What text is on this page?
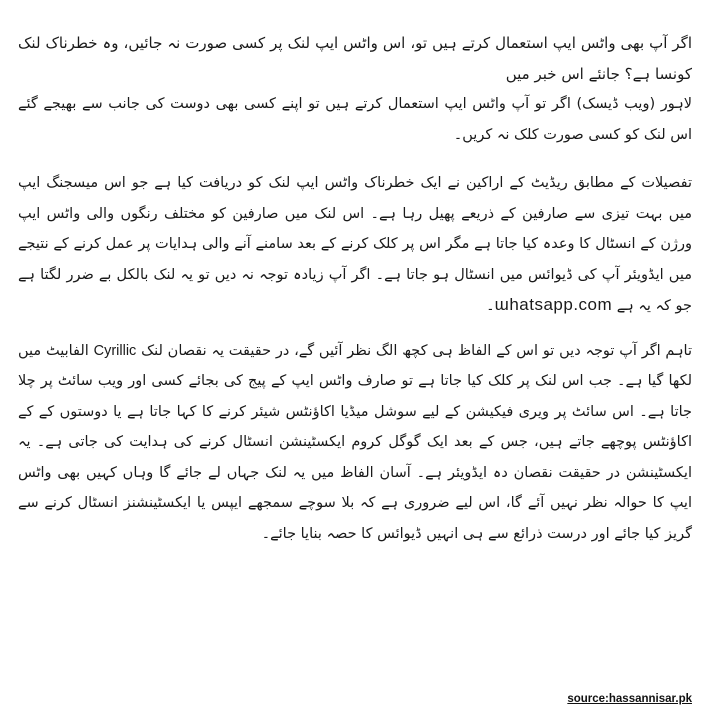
اگر آپ بھی واٹس ایپ استعمال کرتے ہیں تو، اس واٹس ایپ لنک پر کسی صورت نہ جائیں، وہ خطرناک لنک کونسا ہے؟ جانئے اس خبر میں

لاہور (ویب ڈیسک) اگر تو آپ واٹس ایپ استعمال کرتے ہیں تو اپنے کسی بھی دوست کی جانب سے بھیجے گئے اس لنک کو کسی صورت کلک نہ کریں۔

تفصیلات کے مطابق ریڈیٹ کے اراکین نے ایک خطرناک واٹس ایپ لنک کو دریافت کیا ہے جو اس میسجنگ ایپ میں بہت تیزی سے صارفین کے ذریعے پھیل رہا ہے۔ اس لنک میں صارفین کو مختلف رنگوں والی واٹس ایپ ورژن کے انسٹال کا وعدہ کیا جاتا ہے مگر اس پر کلک کرنے کے بعد سامنے آنے والی ہدایات پر عمل کرنے کے نتیجے میں ایڈویئر آپ کی ڈیوائس میں انسٹال ہو جاتا ہے۔ اگر آپ زیادہ توجہ نہ دیں تو یہ لنک بالکل بے ضرر لگتا ہے جو کہ یہ ہے ɯhatsapp.com۔

تاہم اگر آپ توجہ دیں تو اس کے الفاظ ہی کچھ الگ نظر آئیں گے، در حقیقت یہ نقصان لنک Cyrillic الفابیٹ میں لکھا گیا ہے۔ جب اس لنک پر کلک کیا جاتا ہے تو صارف واٹس ایپ کے پیج کی بجائے کسی اور ویب سائٹ پر چلا جاتا ہے۔ اس سائٹ پر ویری فیکیشن کے لیے سوشل میڈیا اکاؤنٹس شیئر کرنے کا کہا جاتا ہے یا دوستوں کے کے اکاؤنٹس پوچھے جاتے ہیں، جس کے بعد ایک گوگل کروم ایکسٹینشن انسٹال کرنے کی ہدایت کی جاتی ہے۔ یہ ایکسٹینشن در حقیقت نقصان دہ ایڈویئر ہے۔ آسان الفاظ میں یہ لنک جہاں لے جائے گا وہاں کہیں بھی واٹس ایپ کا حوالہ نظر نہیں آئے گا، اس لیے ضروری ہے کہ بلا سوچے سمجھے ایپس یا ایکسٹینشنز انسٹال کرنے سے گریز کیا جائے اور درست ذرائع سے ہی انہیں ڈیوائس کا حصہ بنایا جائے۔

source:hassannisar.pk
